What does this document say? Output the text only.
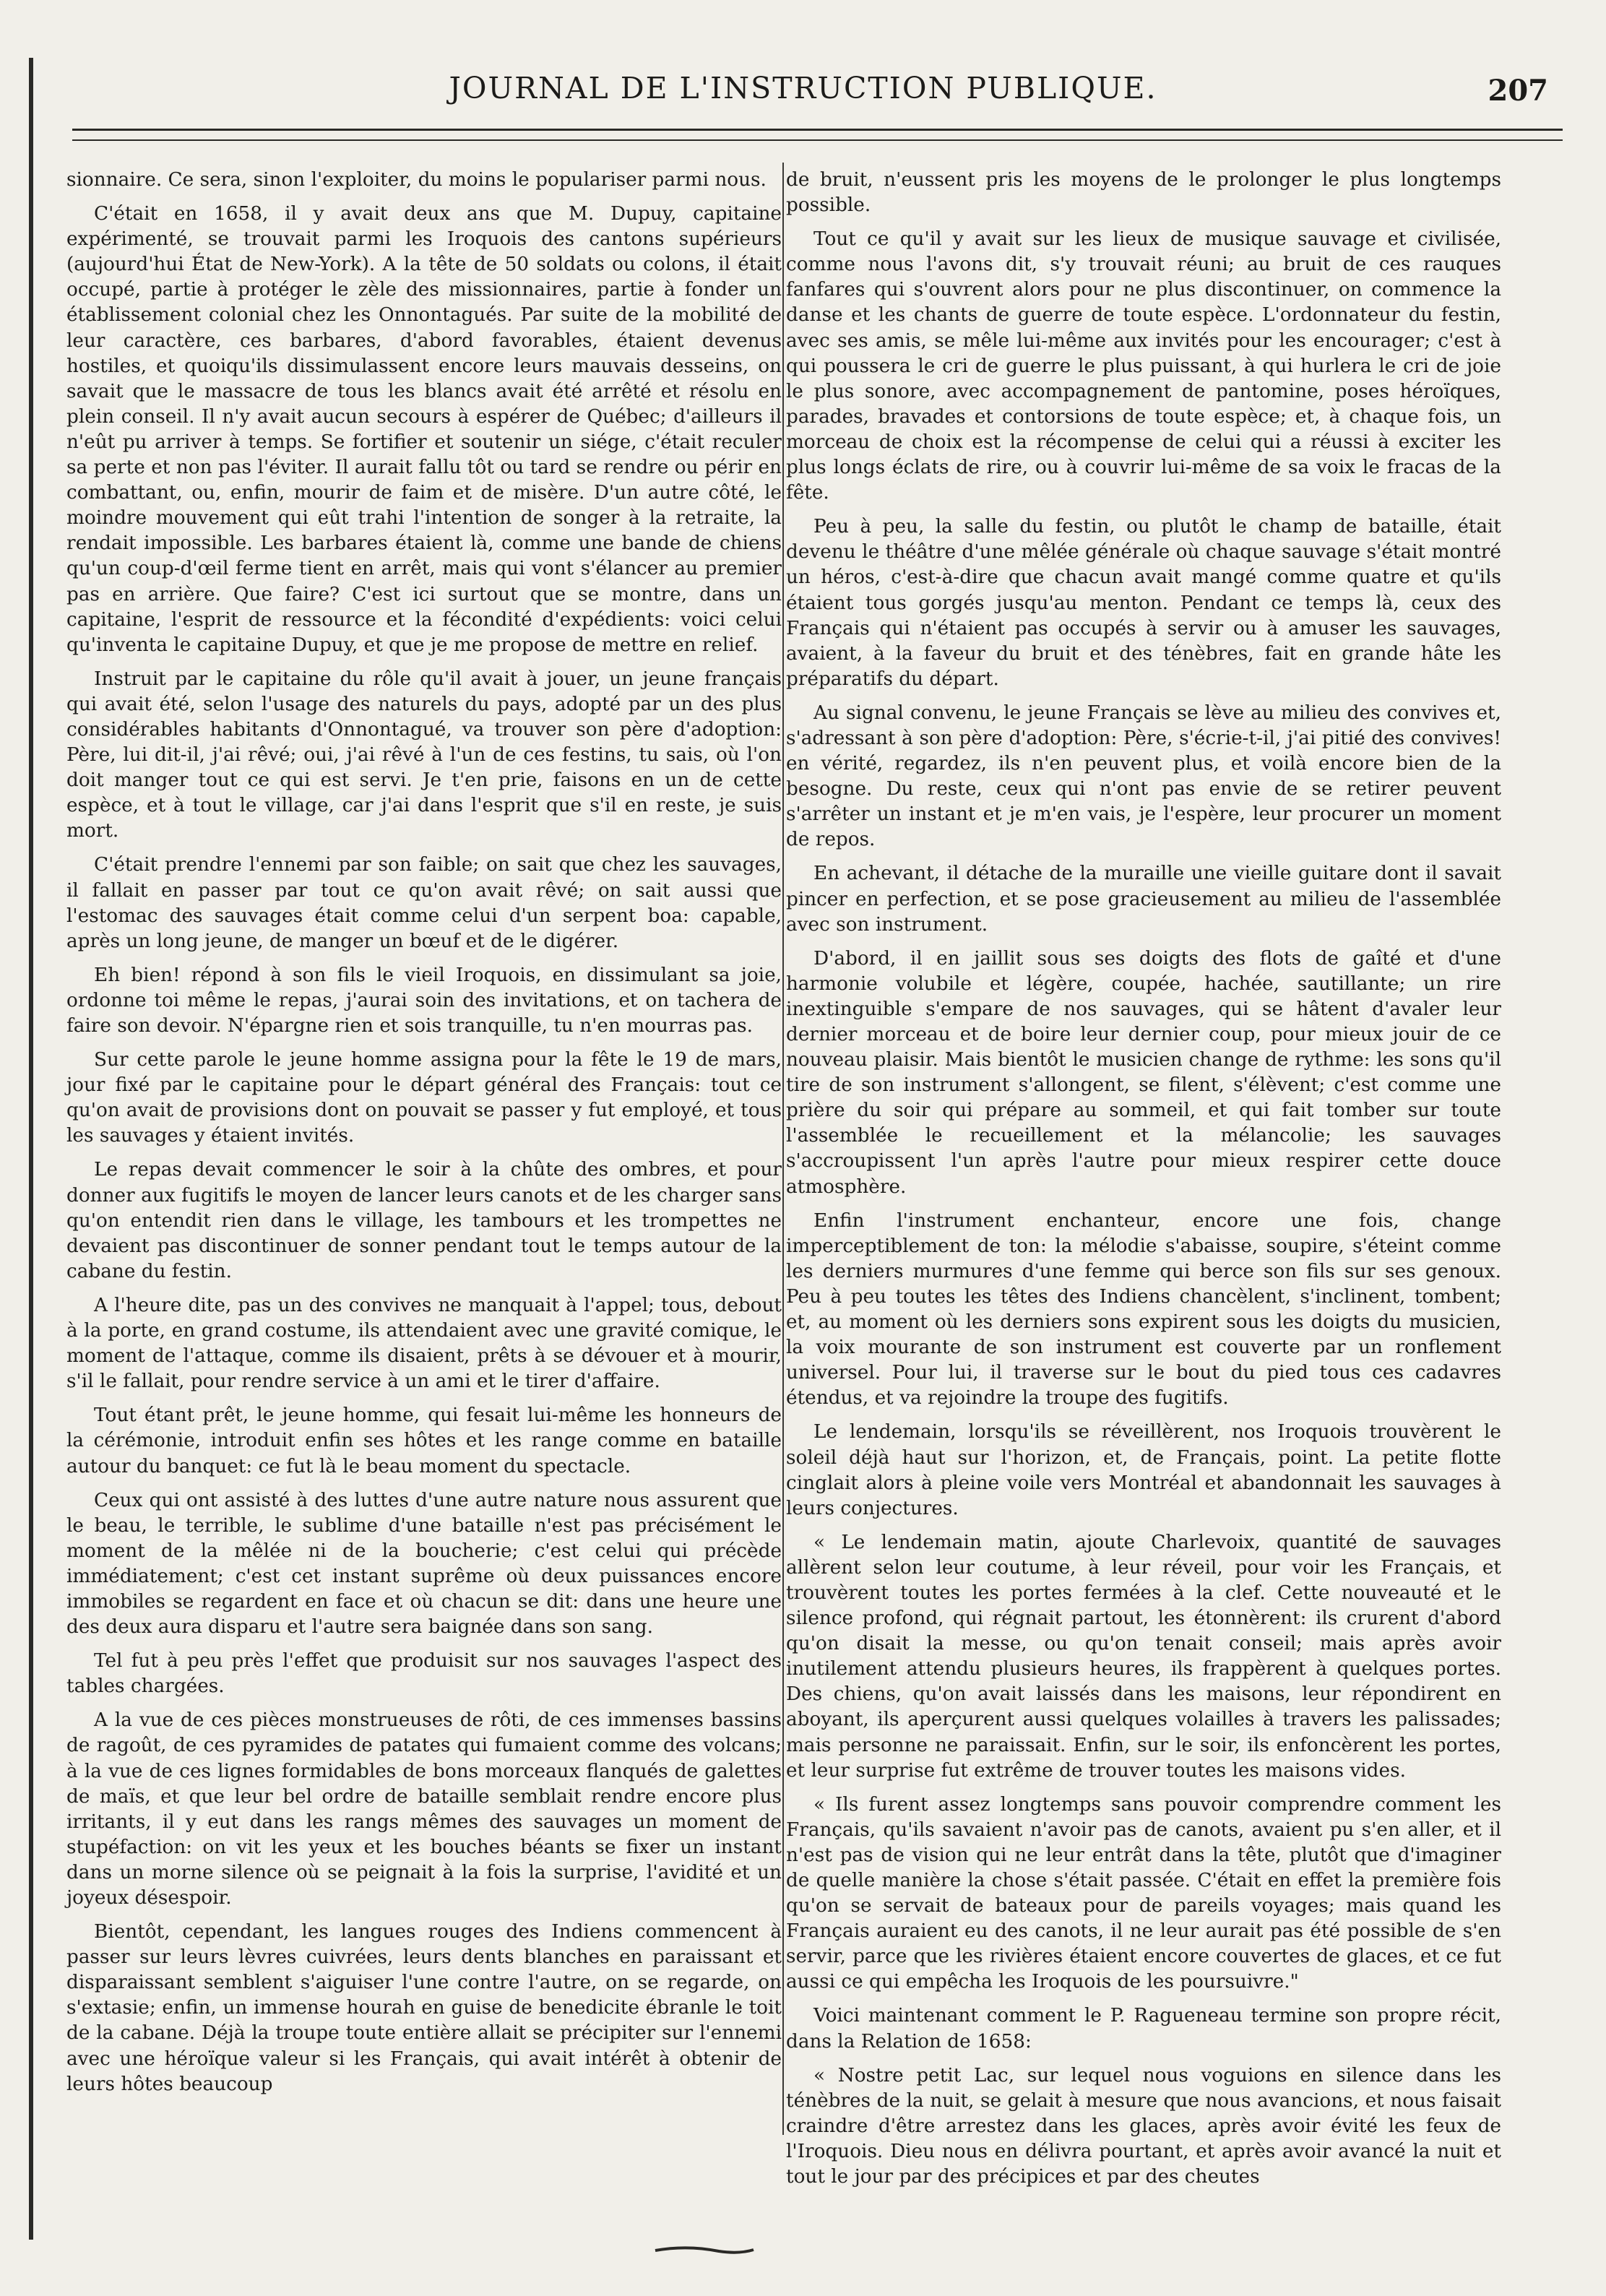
JOURNAL DE L'INSTRUCTION PUBLIQUE.	207

sionnaire. Ce sera, sinon l'exploiter, du moins le populariser parmi nous.

C'était en 1658, il y avait deux ans que M. Dupuy, capitaine expérimenté, se trouvait parmi les Iroquois des cantons supérieurs (aujourd'hui État de New-York). A la tête de 50 soldats ou colons, il était occupé, partie à protéger le zèle des missionnaires, partie à fonder un établissement colonial chez les Onnontagués. Par suite de la mobilité de leur caractère, ces barbares, d'abord favorables, étaient devenus hostiles, et quoiqu'ils dissimulassent encore leurs mauvais desseins, on savait que le massacre de tous les blancs avait été arrêté et résolu en plein conseil. Il n'y avait aucun secours à espérer de Québec; d'ailleurs il n'eût pu arriver à temps. Se fortifier et soutenir un siége, c'était reculer sa perte et non pas l'éviter. Il aurait fallu tôt ou tard se rendre ou périr en combattant, ou, enfin, mourir de faim et de misère. D'un autre côté, le moindre mouvement qui eût trahi l'intention de songer à la retraite, la rendait impossible. Les barbares étaient là, comme une bande de chiens qu'un coup-d'œil ferme tient en arrêt, mais qui vont s'élancer au premier pas en arrière. Que faire? C'est ici surtout que se montre, dans un capitaine, l'esprit de ressource et la fécondité d'expédients: voici celui qu'inventa le capitaine Dupuy, et que je me propose de mettre en relief.

Instruit par le capitaine du rôle qu'il avait à jouer, un jeune français qui avait été, selon l'usage des naturels du pays, adopté par un des plus considérables habitants d'Onnontagué, va trouver son père d'adoption: Père, lui dit-il, j'ai rêvé; oui, j'ai rêvé à l'un de ces festins, tu sais, où l'on doit manger tout ce qui est servi. Je t'en prie, faisons en un de cette espèce, et à tout le village, car j'ai dans l'esprit que s'il en reste, je suis mort.

C'était prendre l'ennemi par son faible; on sait que chez les sauvages, il fallait en passer par tout ce qu'on avait rêvé; on sait aussi que l'estomac des sauvages était comme celui d'un serpent boa: capable, après un long jeune, de manger un bœuf et de le digérer.

Eh bien! répond à son fils le vieil Iroquois, en dissimulant sa joie, ordonne toi même le repas, j'aurai soin des invitations, et on tachera de faire son devoir. N'épargne rien et sois tranquille, tu n'en mourras pas.

Sur cette parole le jeune homme assigna pour la fête le 19 de mars, jour fixé par le capitaine pour le départ général des Français: tout ce qu'on avait de provisions dont on pouvait se passer y fut employé, et tous les sauvages y étaient invités.

Le repas devait commencer le soir à la chûte des ombres, et pour donner aux fugitifs le moyen de lancer leurs canots et de les charger sans qu'on entendit rien dans le village, les tambours et les trompettes ne devaient pas discontinuer de sonner pendant tout le temps autour de la cabane du festin.

A l'heure dite, pas un des convives ne manquait à l'appel; tous, debout à la porte, en grand costume, ils attendaient avec une gravité comique, le moment de l'attaque, comme ils disaient, prêts à se dévouer et à mourir, s'il le fallait, pour rendre service à un ami et le tirer d'affaire.

Tout étant prêt, le jeune homme, qui fesait lui-même les honneurs de la cérémonie, introduit enfin ses hôtes et les range comme en bataille autour du banquet: ce fut là le beau moment du spectacle.

Ceux qui ont assisté à des luttes d'une autre nature nous assurent que le beau, le terrible, le sublime d'une bataille n'est pas précisément le moment de la mêlée ni de la boucherie; c'est celui qui précède immédiatement; c'est cet instant suprême où deux puissances encore immobiles se regardent en face et où chacun se dit: dans une heure une des deux aura disparu et l'autre sera baignée dans son sang.

Tel fut à peu près l'effet que produisit sur nos sauvages l'aspect des tables chargées.

A la vue de ces pièces monstrueuses de rôti, de ces immenses bassins de ragoût, de ces pyramides de patates qui fumaient comme des volcans; à la vue de ces lignes formidables de bons morceaux flanqués de galettes de maïs, et que leur bel ordre de bataille semblait rendre encore plus irritants, il y eut dans les rangs mêmes des sauvages un moment de stupéfaction: on vit les yeux et les bouches béants se fixer un instant dans un morne silence où se peignait à la fois la surprise, l'avidité et un joyeux désespoir.

Bientôt, cependant, les langues rouges des Indiens commencent à passer sur leurs lèvres cuivrées, leurs dents blanches en paraissant et disparaissant semblent s'aiguiser l'une contre l'autre, on se regarde, on s'extasie; enfin, un immense hourah en guise de benedicite ébranle le toit de la cabane. Déjà la troupe toute entière allait se précipiter sur l'ennemi avec une héroïque valeur si les Français, qui avait intérêt à obtenir de leurs hôtes beaucoup

de bruit, n'eussent pris les moyens de le prolonger le plus longtemps possible.

Tout ce qu'il y avait sur les lieux de musique sauvage et civilisée, comme nous l'avons dit, s'y trouvait réuni; au bruit de ces rauques fanfares qui s'ouvrent alors pour ne plus discontinuer, on commence la danse et les chants de guerre de toute espèce. L'ordonnateur du festin, avec ses amis, se mêle lui-même aux invités pour les encourager; c'est à qui poussera le cri de guerre le plus puissant, à qui hurlera le cri de joie le plus sonore, avec accompagnement de pantomine, poses héroïques, parades, bravades et contorsions de toute espèce; et, à chaque fois, un morceau de choix est la récompense de celui qui a réussi à exciter les plus longs éclats de rire, ou à couvrir lui-même de sa voix le fracas de la fête.

Peu à peu, la salle du festin, ou plutôt le champ de bataille, était devenu le théâtre d'une mêlée générale où chaque sauvage s'était montré un héros, c'est-à-dire que chacun avait mangé comme quatre et qu'ils étaient tous gorgés jusqu'au menton. Pendant ce temps là, ceux des Français qui n'étaient pas occupés à servir ou à amuser les sauvages, avaient, à la faveur du bruit et des ténèbres, fait en grande hâte les préparatifs du départ.

Au signal convenu, le jeune Français se lève au milieu des convives et, s'adressant à son père d'adoption: Père, s'écrie-t-il, j'ai pitié des convives! en vérité, regardez, ils n'en peuvent plus, et voilà encore bien de la besogne. Du reste, ceux qui n'ont pas envie de se retirer peuvent s'arrêter un instant et je m'en vais, je l'espère, leur procurer un moment de repos.

En achevant, il détache de la muraille une vieille guitare dont il savait pincer en perfection, et se pose gracieusement au milieu de l'assemblée avec son instrument.

D'abord, il en jaillit sous ses doigts des flots de gaîté et d'une harmonie volubile et légère, coupée, hachée, sautillante; un rire inextinguible s'empare de nos sauvages, qui se hâtent d'avaler leur dernier morceau et de boire leur dernier coup, pour mieux jouir de ce nouveau plaisir. Mais bientôt le musicien change de rythme: les sons qu'il tire de son instrument s'allongent, se filent, s'élèvent; c'est comme une prière du soir qui prépare au sommeil, et qui fait tomber sur toute l'assemblée le recueillement et la mélancolie; les sauvages s'accroupissent l'un après l'autre pour mieux respirer cette douce atmosphère.

Enfin l'instrument enchanteur, encore une fois, change imperceptiblement de ton: la mélodie s'abaisse, soupire, s'éteint comme les derniers murmures d'une femme qui berce son fils sur ses genoux. Peu à peu toutes les têtes des Indiens chancèlent, s'inclinent, tombent; et, au moment où les derniers sons expirent sous les doigts du musicien, la voix mourante de son instrument est couverte par un ronflement universel. Pour lui, il traverse sur le bout du pied tous ces cadavres étendus, et va rejoindre la troupe des fugitifs.

Le lendemain, lorsqu'ils se réveillèrent, nos Iroquois trouvèrent le soleil déjà haut sur l'horizon, et, de Français, point. La petite flotte cinglait alors à pleine voile vers Montréal et abandonnait les sauvages à leurs conjectures.

« Le lendemain matin, ajoute Charlevoix, quantité de sauvages allèrent selon leur coutume, à leur réveil, pour voir les Français, et trouvèrent toutes les portes fermées à la clef. Cette nouveauté et le silence profond, qui régnait partout, les étonnèrent: ils crurent d'abord qu'on disait la messe, ou qu'on tenait conseil; mais après avoir inutilement attendu plusieurs heures, ils frappèrent à quelques portes. Des chiens, qu'on avait laissés dans les maisons, leur répondirent en aboyant, ils aperçurent aussi quelques volailles à travers les palissades; mais personne ne paraissait. Enfin, sur le soir, ils enfoncèrent les portes, et leur surprise fut extrême de trouver toutes les maisons vides.

« Ils furent assez longtemps sans pouvoir comprendre comment les Français, qu'ils savaient n'avoir pas de canots, avaient pu s'en aller, et il n'est pas de vision qui ne leur entrât dans la tête, plutôt que d'imaginer de quelle manière la chose s'était passée. C'était en effet la première fois qu'on se servait de bateaux pour de pareils voyages; mais quand les Français auraient eu des canots, il ne leur aurait pas été possible de s'en servir, parce que les rivières étaient encore couvertes de glaces, et ce fut aussi ce qui empêcha les Iroquois de les poursuivre."

Voici maintenant comment le P. Ragueneau termine son propre récit, dans la Relation de 1658:

« Nostre petit Lac, sur lequel nous voguions en silence dans les ténèbres de la nuit, se gelait à mesure que nous avancions, et nous faisait craindre d'être arrestez dans les glaces, après avoir évité les feux de l'Iroquois. Dieu nous en délivra pourtant, et après avoir avancé la nuit et tout le jour par des précipices et par des cheutes
